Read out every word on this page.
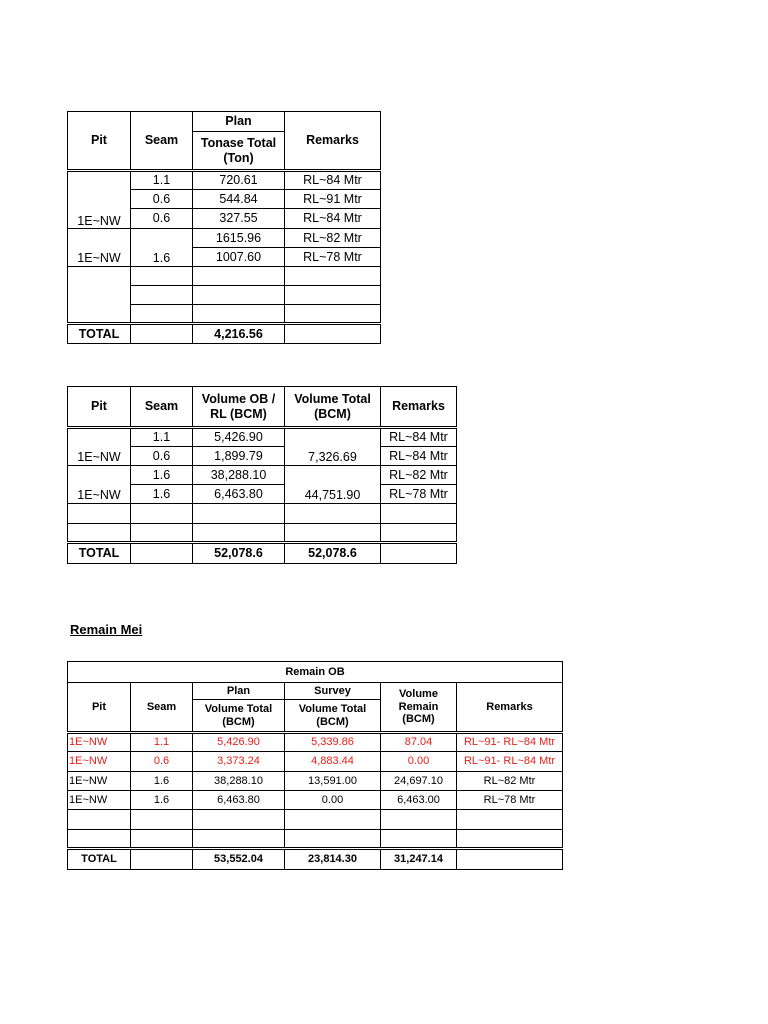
Pit	Seam	Plan	Remarks
		Tonase Total (Ton)	
1E~NW	1.1	720.61	RL~84 Mtr
	0.6	544.84	RL~91 Mtr
	0.6	327.55	RL~84 Mtr
1E~NW	1.6	1615.96	RL~82 Mtr
		1007.60	RL~78 Mtr

TOTAL		4,216.56	
Pit	Seam	Volume OB / RL (BCM)	Volume Total (BCM)	Remarks
1E~NW	1.1	5,426.90	7,326.69	RL~84 Mtr
	0.6	1,899.79		RL~84 Mtr
1E~NW	1.6	38,288.10	44,751.90	RL~82 Mtr
	1.6	6,463.80		RL~78 Mtr

TOTAL		52,078.6	52,078.6	
Remain Mei
Remain OB					
Pit	Seam	Plan	Survey	Volume Remain (BCM)	Remarks
		Volume Total (BCM)	Volume Total (BCM)		
1E~NW	1.1	5,426.90	5,339.86	87.04	RL~91- RL~84 Mtr
1E~NW	0.6	3,373.24	4,883.44	0.00	RL~91- RL~84 Mtr
1E~NW	1.6	38,288.10	13,591.00	24,697.10	RL~82 Mtr
1E~NW	1.6	6,463.80	0.00	6,463.00	RL~78 Mtr

TOTAL		53,552.04	23,814.30	31,247.14	
